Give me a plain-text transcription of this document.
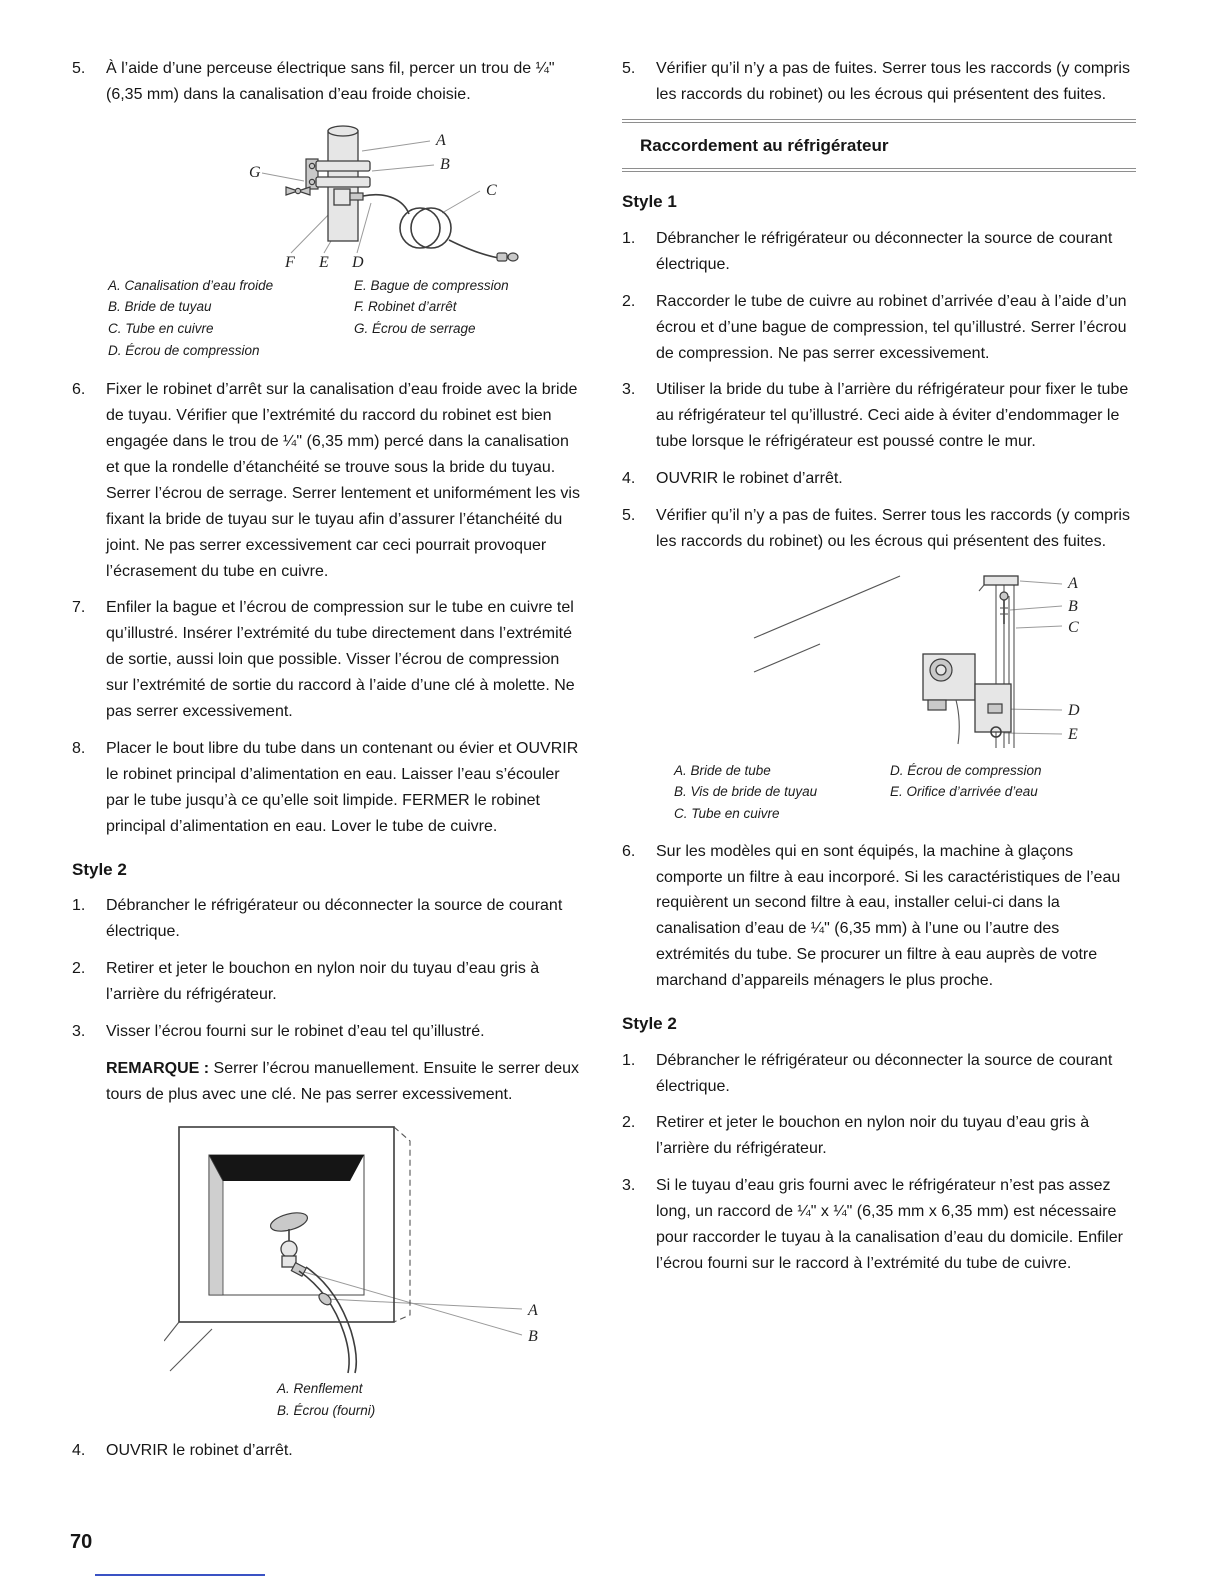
5.	À l’aide d’une perceuse électrique sans fil, percer un trou de ¼" (6,35 mm) dans la canalisation d’eau froide choisie.
A
B
C
D
E
F
G
A. Canalisation d’eau froide
B. Bride de tuyau
C. Tube en cuivre
D. Écrou de compression
E. Bague de compression
F. Robinet d’arrêt
G. Écrou de serrage
6.	Fixer le robinet d’arrêt sur la canalisation d’eau froide avec la bride de tuyau. Vérifier que l’extrémité du raccord du robinet est bien engagée dans le trou de ¼" (6,35 mm) percé dans la canalisation et que la rondelle d’étanchéité se trouve sous la bride du tuyau. Serrer l’écrou de serrage. Serrer lentement et uniformément les vis fixant la bride de tuyau sur le tuyau afin d’assurer l’étanchéité du joint. Ne pas serrer excessivement car ceci pourrait provoquer l’écrasement du tube en cuivre.
7.	Enfiler la bague et l’écrou de compression sur le tube en cuivre tel qu’illustré. Insérer l’extrémité du tube directement dans l’extrémité de sortie, aussi loin que possible. Visser l’écrou de compression sur l’extrémité de sortie du raccord à l’aide d’une clé à molette. Ne pas serrer excessivement.
8.	Placer le bout libre du tube dans un contenant ou évier et OUVRIR le robinet principal d’alimentation en eau. Laisser l’eau s’écouler par le tube jusqu’à ce qu’elle soit limpide. FERMER le robinet principal d’alimentation en eau. Lover le tube de cuivre.
Style 2
1.	Débrancher le réfrigérateur ou déconnecter la source de courant électrique.
2.	Retirer et jeter le bouchon en nylon noir du tuyau d’eau gris à l’arrière du réfrigérateur.
3.	Visser l’écrou fourni sur le robinet d’eau tel qu’illustré.
REMARQUE : Serrer l’écrou manuellement. Ensuite le serrer deux tours de plus avec une clé. Ne pas serrer excessivement.
A
B
A. Renflement
B. Écrou (fourni)
4.	OUVRIR le robinet d’arrêt.
5.	Vérifier qu’il n’y a pas de fuites. Serrer tous les raccords (y compris les raccords du robinet) ou les écrous qui présentent des fuites.
Raccordement au réfrigérateur
Style 1
1.	Débrancher le réfrigérateur ou déconnecter la source de courant électrique.
2.	Raccorder le tube de cuivre au robinet d’arrivée d’eau à l’aide d’un écrou et d’une bague de compression, tel qu’illustré. Serrer l’écrou de compression. Ne pas serrer excessivement.
3.	Utiliser la bride du tube à l’arrière du réfrigérateur pour fixer le tube au réfrigérateur tel qu’illustré. Ceci aide à éviter d’endommager le tube lorsque le réfrigérateur est poussé contre le mur.
4.	OUVRIR le robinet d’arrêt.
5.	Vérifier qu’il n’y a pas de fuites. Serrer tous les raccords (y compris les raccords du robinet) ou les écrous qui présentent des fuites.
A
B
C
D
E
A. Bride de tube
B. Vis de bride de tuyau
C. Tube en cuivre
D. Écrou de compression
E. Orifice d’arrivée d’eau
6.	Sur les modèles qui en sont équipés, la machine à glaçons comporte un filtre à eau incorporé. Si les caractéristiques de l’eau requièrent un second filtre à eau, installer celui-ci dans la canalisation d’eau de ¼" (6,35 mm) à l’une ou l’autre des extrémités du tube. Se procurer un filtre à eau auprès de votre marchand d’appareils ménagers le plus proche.
Style 2
1.	Débrancher le réfrigérateur ou déconnecter la source de courant électrique.
2.	Retirer et jeter le bouchon en nylon noir du tuyau d’eau gris à l’arrière du réfrigérateur.
3.	Si le tuyau d’eau gris fourni avec le réfrigérateur n’est pas assez long, un raccord de ¼" x ¼" (6,35 mm x 6,35 mm) est nécessaire pour raccorder le tuyau à la canalisation d’eau du domicile. Enfiler l’écrou fourni sur le raccord à l’extrémité du tube de cuivre.
70
